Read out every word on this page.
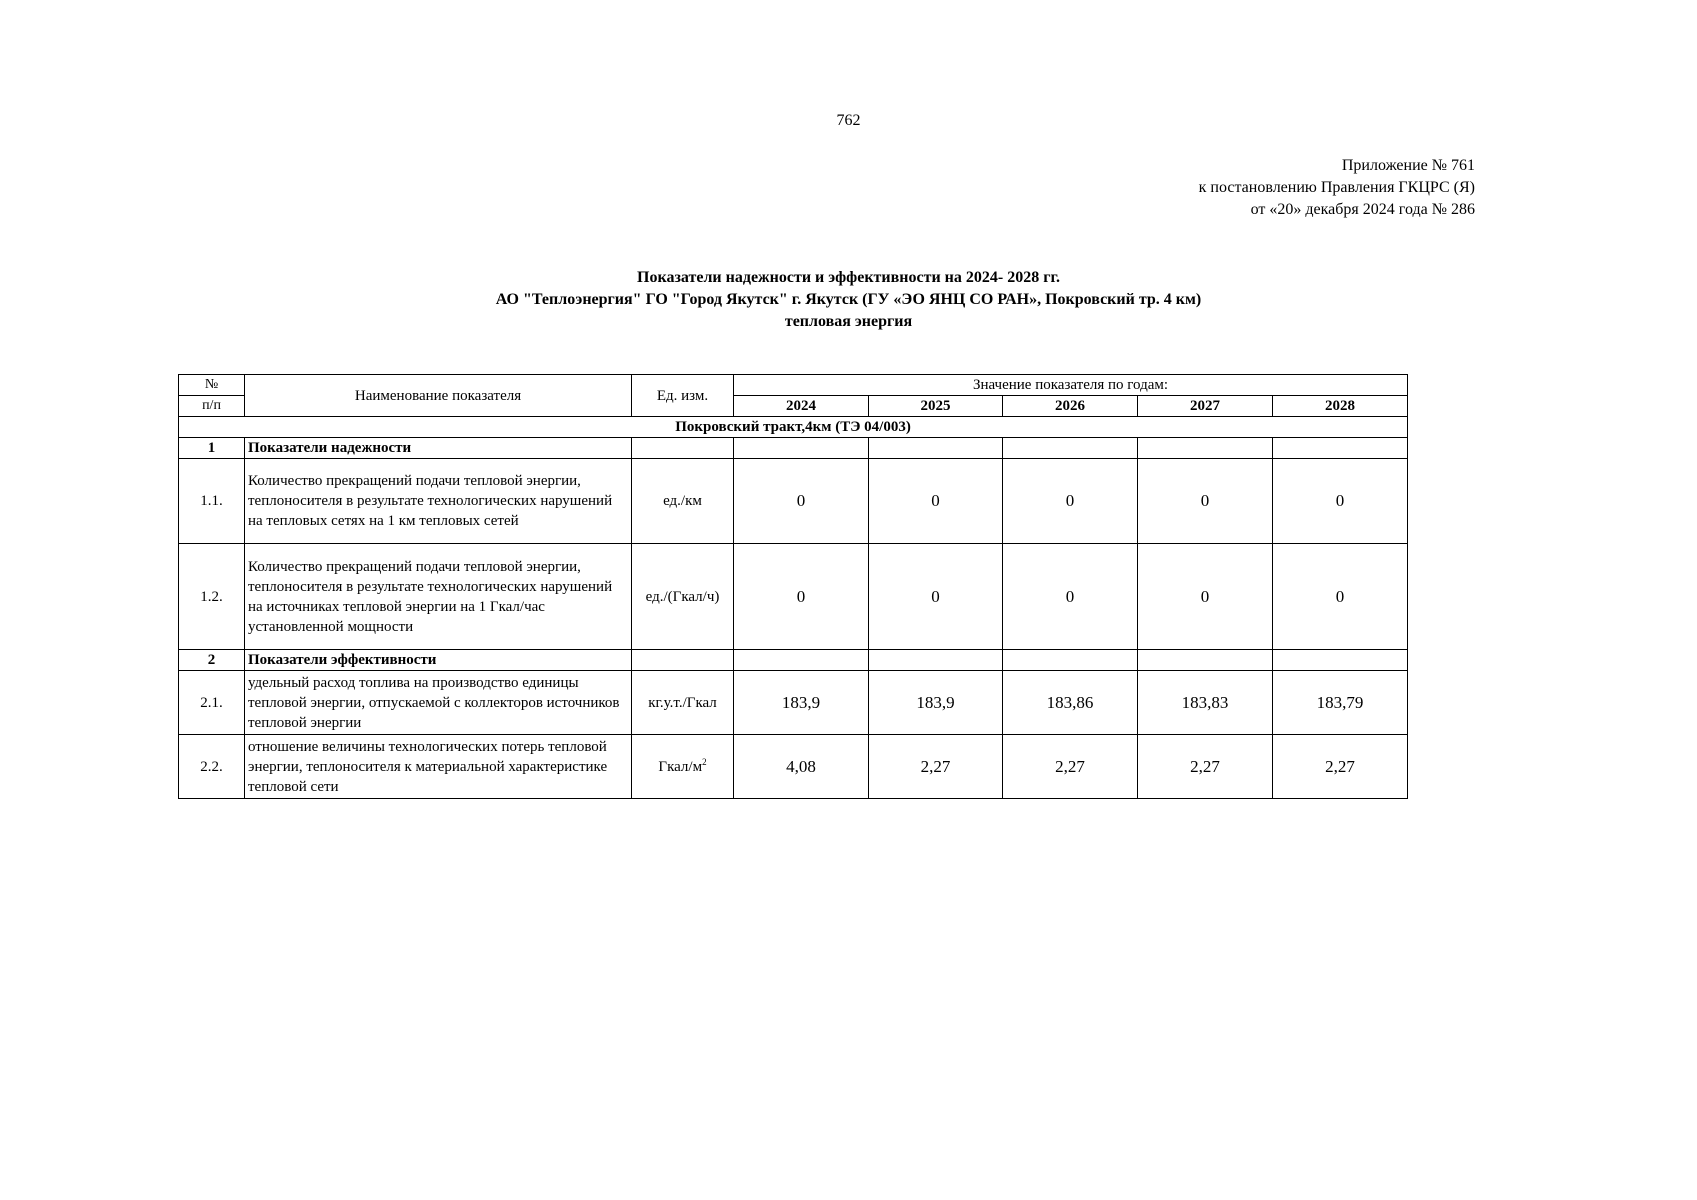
762
Приложение № 761
к постановлению Правления ГКЦРС (Я)
от «20» декабря 2024 года № 286
Показатели надежности и эффективности на 2024- 2028 гг.
АО "Теплоэнергия" ГО "Город Якутск" г. Якутск (ГУ «ЭО ЯНЦ СО РАН», Покровский тр. 4 км)
тепловая энергия
№	Наименование показателя	Ед. изм.	Значение показателя по годам:				
п/п			2024	2025	2026	2027	2028
Покровский тракт,4км (ТЭ 04/003)							
1	Показатели надежности						
1.1.	Количество прекращений подачи тепловой энергии, теплоносителя в результате технологических нарушений на тепловых сетях на 1 км тепловых сетей	ед./км	0	0	0	0	0
1.2.	Количество прекращений подачи тепловой энергии, теплоносителя в результате технологических нарушений на источниках тепловой энергии на 1 Гкал/час установленной мощности	ед./(Гкал/ч)	0	0	0	0	0
2	Показатели эффективности						
2.1.	удельный расход топлива на производство единицы тепловой энергии, отпускаемой с коллекторов источников тепловой энергии	кг.у.т./Гкал	183,9	183,9	183,86	183,83	183,79
2.2.	отношение величины технологических потерь тепловой энергии, теплоносителя к материальной характеристике тепловой сети	Гкал/$м^2$	4,08	2,27	2,27	2,27	2,27
